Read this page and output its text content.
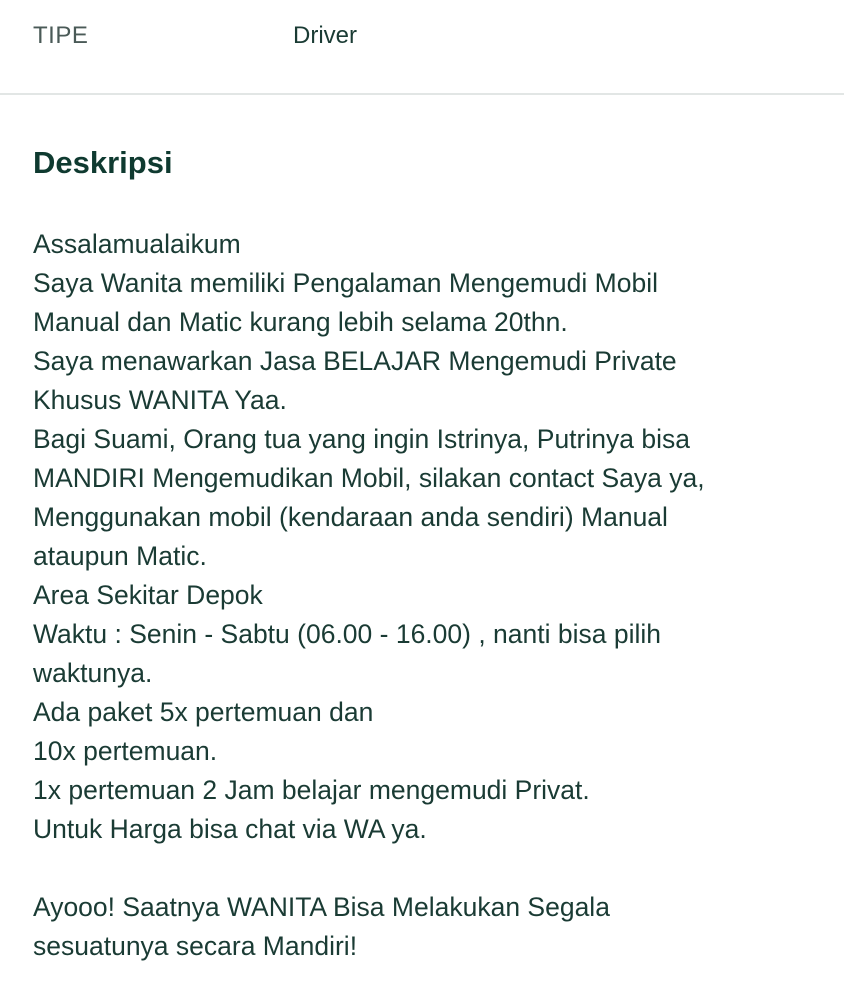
TIPE	Driver
Deskripsi
Assalamualaikum
Saya Wanita memiliki Pengalaman Mengemudi Mobil
Manual dan Matic kurang lebih selama 20thn.
Saya menawarkan Jasa BELAJAR Mengemudi Private
Khusus WANITA Yaa.
Bagi Suami, Orang tua yang ingin Istrinya, Putrinya bisa
MANDIRI Mengemudikan Mobil, silakan contact Saya ya,
Menggunakan mobil (kendaraan anda sendiri) Manual
ataupun Matic.
Area Sekitar Depok
Waktu : Senin - Sabtu (06.00 - 16.00) , nanti bisa pilih
waktunya.
Ada paket 5x pertemuan dan
10x pertemuan.
1x pertemuan 2 Jam belajar mengemudi Privat.
Untuk Harga bisa chat via WA ya.
Ayooo! Saatnya WANITA Bisa Melakukan Segala
sesuatunya secara Mandiri!
